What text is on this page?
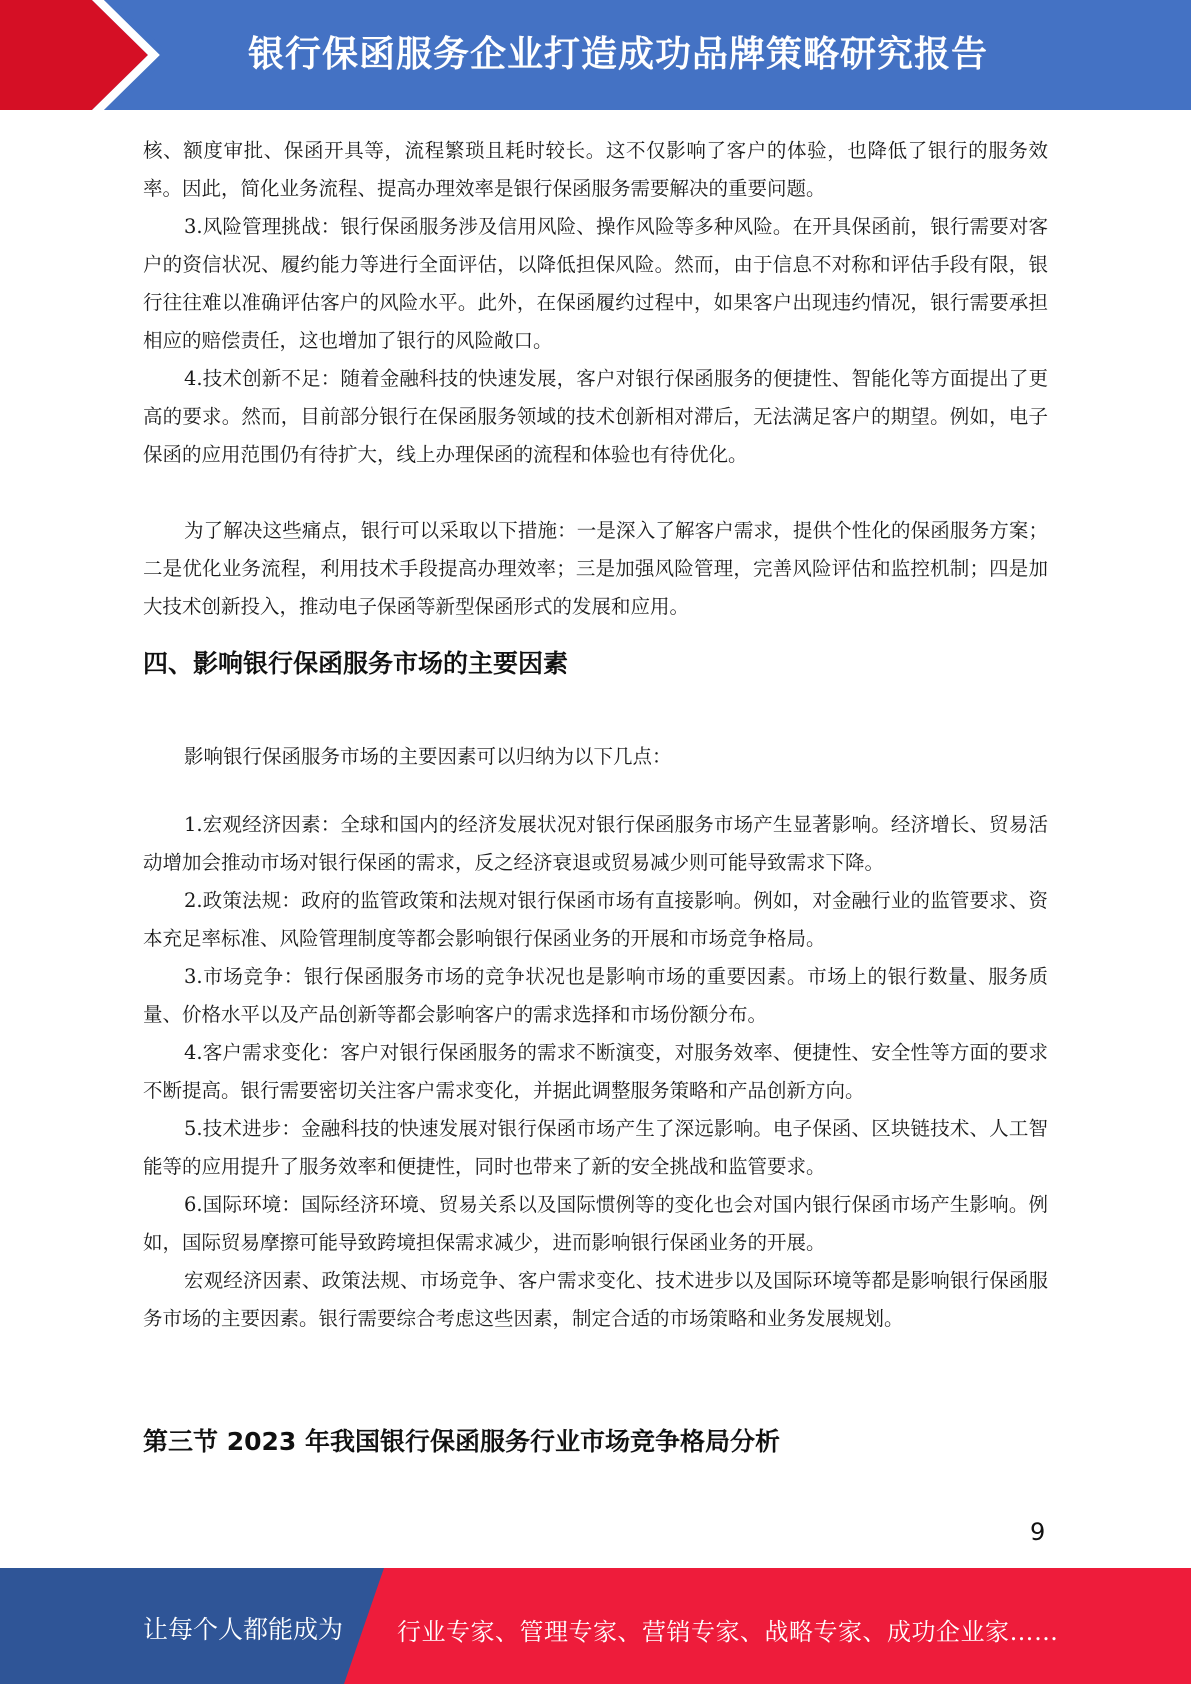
银行保函服务企业打造成功品牌策略研究报告

核、额度审批、保函开具等，流程繁琐且耗时较长。这不仅影响了客户的体验，也降低了银行的服务效率。因此，简化业务流程、提高办理效率是银行保函服务需要解决的重要问题。

3.风险管理挑战：银行保函服务涉及信用风险、操作风险等多种风险。在开具保函前，银行需要对客户的资信状况、履约能力等进行全面评估，以降低担保风险。然而，由于信息不对称和评估手段有限，银行往往难以准确评估客户的风险水平。此外，在保函履约过程中，如果客户出现违约情况，银行需要承担相应的赔偿责任，这也增加了银行的风险敞口。

4.技术创新不足：随着金融科技的快速发展，客户对银行保函服务的便捷性、智能化等方面提出了更高的要求。然而，目前部分银行在保函服务领域的技术创新相对滞后，无法满足客户的期望。例如，电子保函的应用范围仍有待扩大，线上办理保函的流程和体验也有待优化。

为了解决这些痛点，银行可以采取以下措施：一是深入了解客户需求，提供个性化的保函服务方案；二是优化业务流程，利用技术手段提高办理效率；三是加强风险管理，完善风险评估和监控机制；四是加大技术创新投入，推动电子保函等新型保函形式的发展和应用。

四、影响银行保函服务市场的主要因素

影响银行保函服务市场的主要因素可以归纳为以下几点：

1.宏观经济因素：全球和国内的经济发展状况对银行保函服务市场产生显著影响。经济增长、贸易活动增加会推动市场对银行保函的需求，反之经济衰退或贸易减少则可能导致需求下降。

2.政策法规：政府的监管政策和法规对银行保函市场有直接影响。例如，对金融行业的监管要求、资本充足率标准、风险管理制度等都会影响银行保函业务的开展和市场竞争格局。

3.市场竞争：银行保函服务市场的竞争状况也是影响市场的重要因素。市场上的银行数量、服务质量、价格水平以及产品创新等都会影响客户的需求选择和市场份额分布。

4.客户需求变化：客户对银行保函服务的需求不断演变，对服务效率、便捷性、安全性等方面的要求不断提高。银行需要密切关注客户需求变化，并据此调整服务策略和产品创新方向。

5.技术进步：金融科技的快速发展对银行保函市场产生了深远影响。电子保函、区块链技术、人工智能等的应用提升了服务效率和便捷性，同时也带来了新的安全挑战和监管要求。

6.国际环境：国际经济环境、贸易关系以及国际惯例等的变化也会对国内银行保函市场产生影响。例如，国际贸易摩擦可能导致跨境担保需求减少，进而影响银行保函业务的开展。

宏观经济因素、政策法规、市场竞争、客户需求变化、技术进步以及国际环境等都是影响银行保函服务市场的主要因素。银行需要综合考虑这些因素，制定合适的市场策略和业务发展规划。

第三节 2023 年我国银行保函服务行业市场竞争格局分析
9
让每个人都能成为 行业专家、管理专家、营销专家、战略专家、成功企业家……
